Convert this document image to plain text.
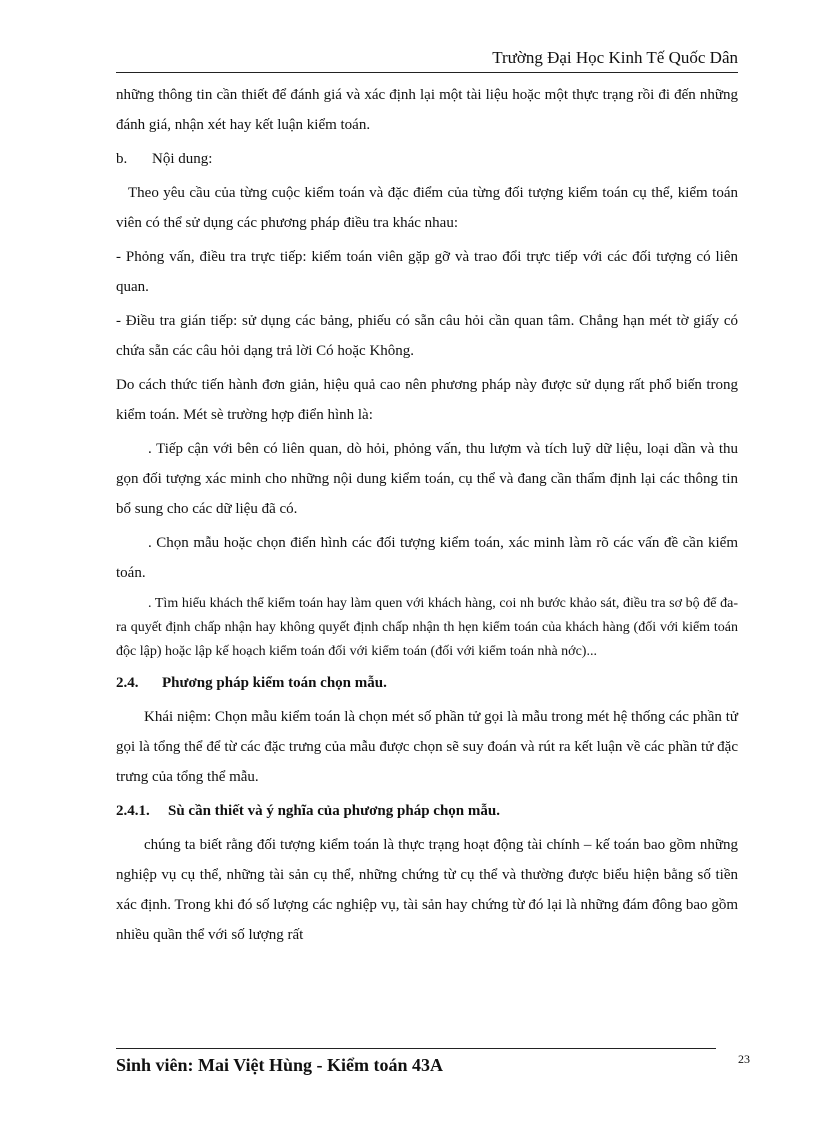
Trường Đại Học Kinh Tế Quốc Dân

những thông tin cần thiết để đánh giá và xác định lại một tài liệu hoặc một thực trạng rồi đi đến những đánh giá, nhận xét hay kết luận kiểm toán.

b.	Nội dung:

Theo yêu cầu của từng cuộc kiểm toán và đặc điểm của từng đối tượng kiểm toán cụ thể, kiểm toán viên có thể sử dụng các phương pháp điều tra khác nhau:

- Phỏng vấn, điều tra trực tiếp: kiểm toán viên gặp gỡ và trao đổi trực tiếp với các đối tượng có liên quan.

- Điều tra gián tiếp: sử dụng các bảng, phiếu có sẵn câu hỏi cần quan tâm. Chẳng hạn mét tờ giấy có chứa sẵn các câu hỏi dạng trả lời Có hoặc Không.

Do cách thức tiến hành đơn giản, hiệu quả cao nên phương pháp này được sử dụng rất phổ biến trong kiểm toán. Mét sè trường hợp điển hình là:

. Tiếp cận với bên có liên quan, dò hỏi, phỏng vấn, thu lượm và tích luỹ dữ liệu, loại dần và thu gọn đối tượng xác minh cho những nội dung kiểm toán, cụ thể và đang cần thẩm định lại các thông tin bổ sung cho các dữ liệu đã có.

. Chọn mẫu hoặc chọn điển hình các đối tượng kiểm toán, xác minh làm rõ các vấn đề cần kiểm toán.

. Tìm hiểu khách thể kiểm toán hay làm quen với khách hàng, coi nh bước khảo sát, điều tra sơ bộ để đa ra quyết định chấp nhận hay không quyết định chấp nhận th hẹn kiểm toán của khách hàng (đối với kiểm toán độc lập) hoặc lập kế hoạch kiểm toán đối với kiểm toán (đối với kiểm toán nhà nớc)...

2.4. Phương pháp kiểm toán chọn mẫu.

Khái niệm: Chọn mẫu kiểm toán là chọn mét số phần tử gọi là mẫu trong mét hệ thống các phần tử gọi là tổng thể để từ các đặc trưng của mẫu được chọn sẽ suy đoán và rút ra kết luận về các phần tử đặc trưng của tổng thể mẫu.

2.4.1. Sù cần thiết và ý nghĩa của phương pháp chọn mẫu.

chúng ta biết rằng đối tượng kiểm toán là thực trạng hoạt động tài chính – kế toán bao gồm những nghiệp vụ cụ thể, những tài sản cụ thể, những chứng từ cụ thể và thường được biểu hiện bằng số tiền xác định. Trong khi đó số lượng các nghiệp vụ, tài sản hay chứng từ đó lại là những đám đông bao gồm nhiều quần thể với số lượng rất

Sinh viên: Mai Việt Hùng - Kiểm toán 43A	23
